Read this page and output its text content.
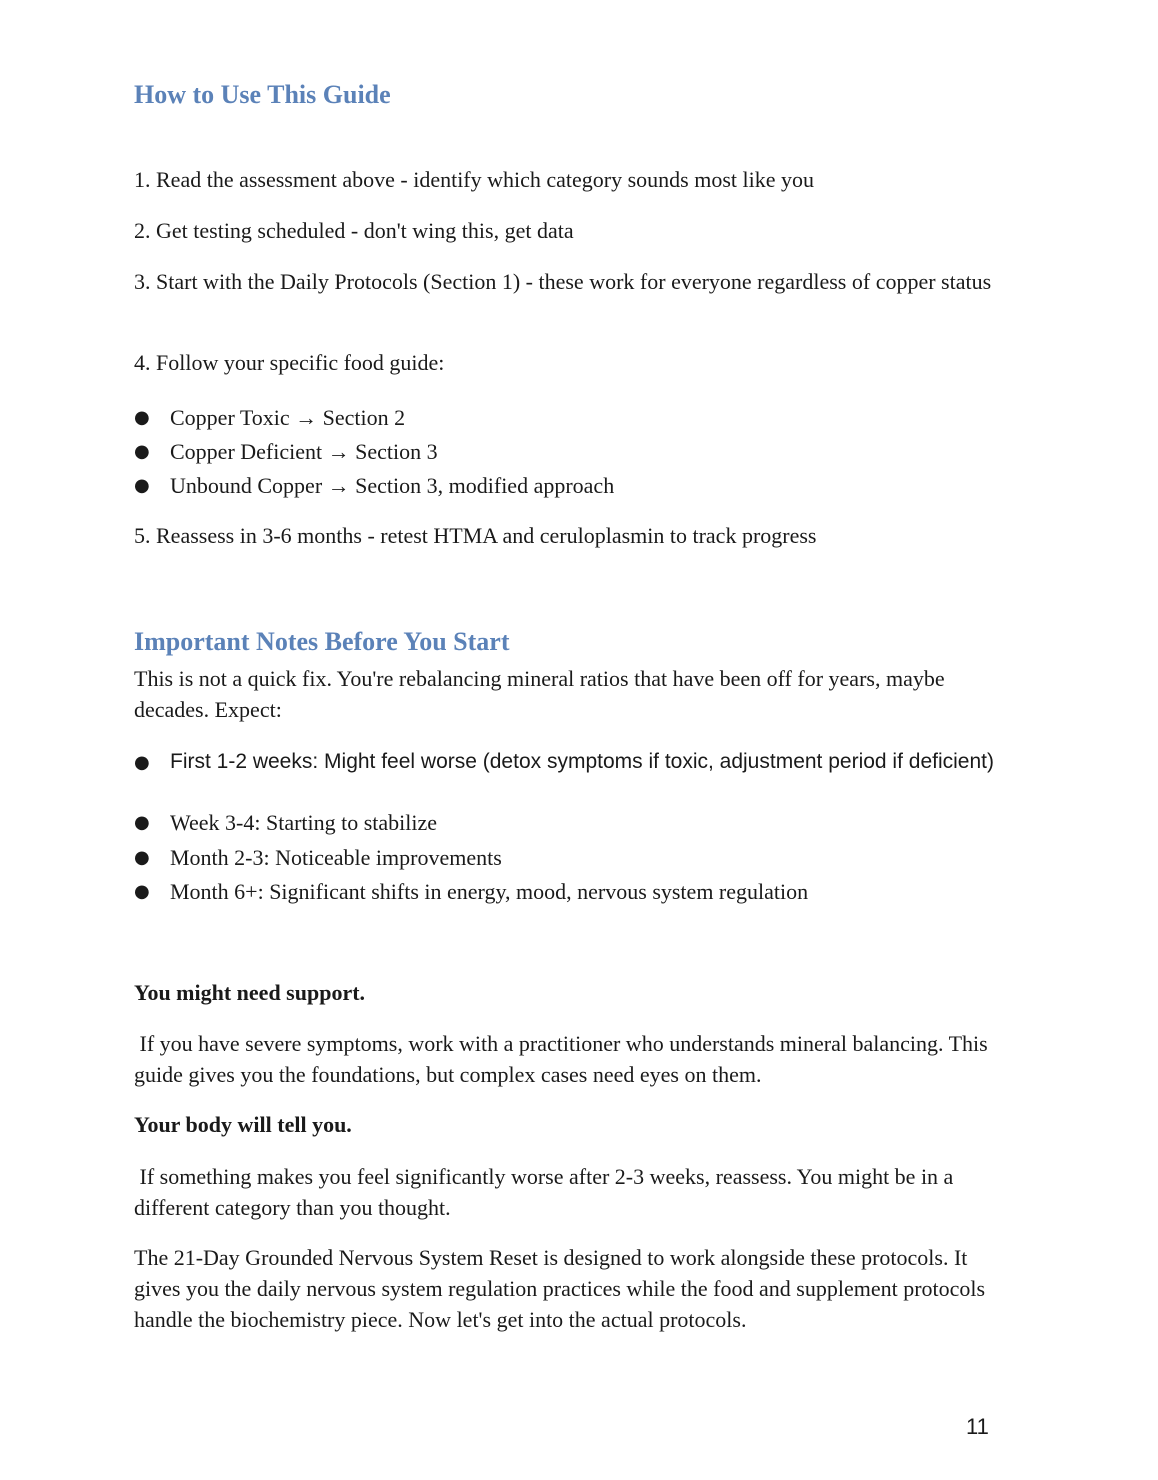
How to Use This Guide

1. Read the assessment above - identify which category sounds most like you

2. Get testing scheduled - don't wing this, get data

3. Start with the Daily Protocols (Section 1) - these work for everyone regardless of copper status

4. Follow your specific food guide:

● Copper Toxic → Section 2
● Copper Deficient → Section 3
● Unbound Copper → Section 3, modified approach

5. Reassess in 3-6 months - retest HTMA and ceruloplasmin to track progress

Important Notes Before You Start

This is not a quick fix. You're rebalancing mineral ratios that have been off for years, maybe decades. Expect:

● First 1-2 weeks: Might feel worse (detox symptoms if toxic, adjustment period if deficient)
● Week 3-4: Starting to stabilize
● Month 2-3: Noticeable improvements
● Month 6+: Significant shifts in energy, mood, nervous system regulation

You might need support.

If you have severe symptoms, work with a practitioner who understands mineral balancing. This guide gives you the foundations, but complex cases need eyes on them.

Your body will tell you.

If something makes you feel significantly worse after 2-3 weeks, reassess. You might be in a different category than you thought.

The 21-Day Grounded Nervous System Reset is designed to work alongside these protocols. It gives you the daily nervous system regulation practices while the food and supplement protocols handle the biochemistry piece. Now let's get into the actual protocols.

11
